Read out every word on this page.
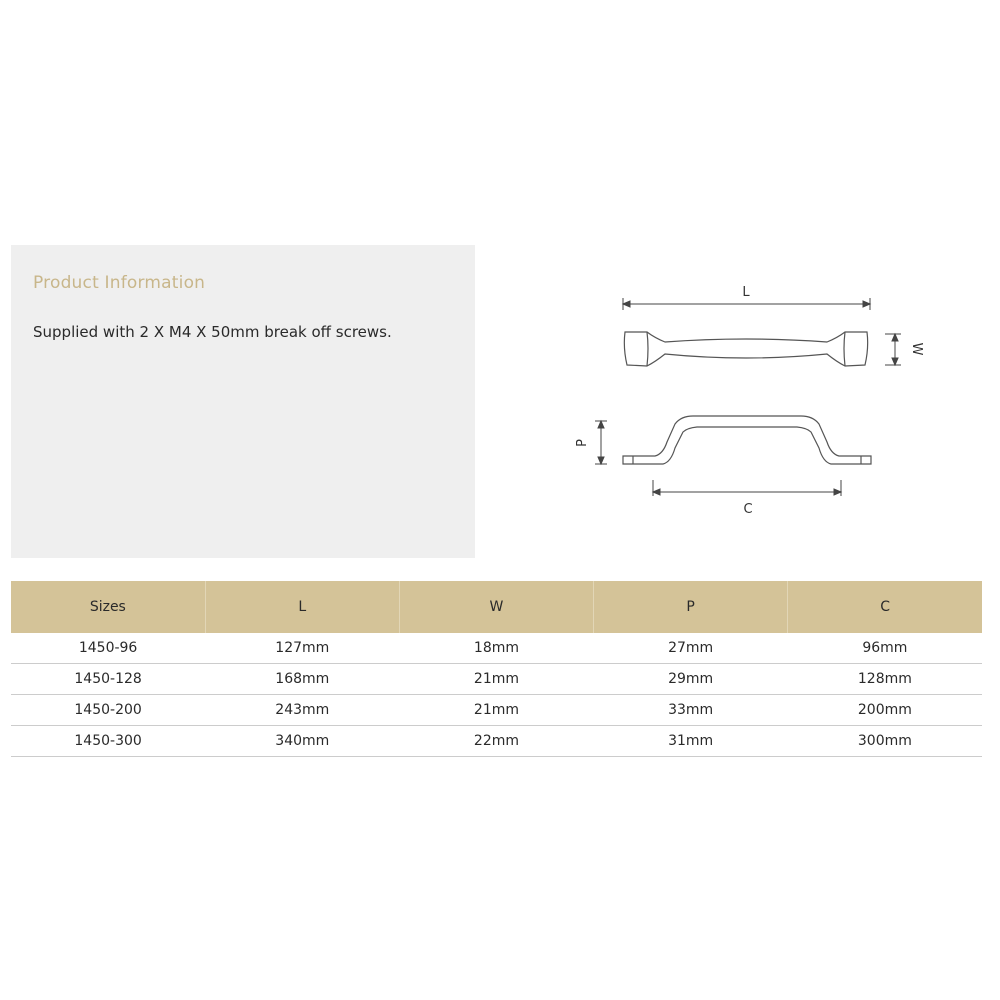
Product Information
Supplied with 2 X M4 X 50mm break off screws.
L
W
P
C
Sizes	L	W	P	C
1450-96	127mm	18mm	27mm	96mm
1450-128	168mm	21mm	29mm	128mm
1450-200	243mm	21mm	33mm	200mm
1450-300	340mm	22mm	31mm	300mm
